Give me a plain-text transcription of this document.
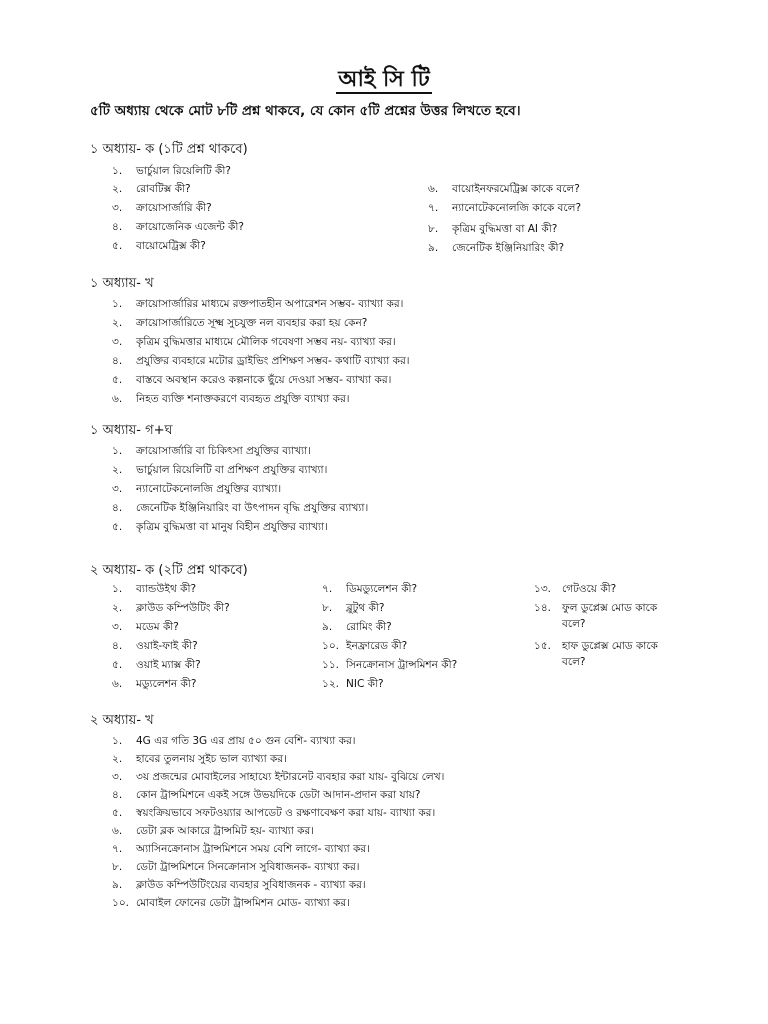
আই সি টি
৫টি অধ্যায় থেকে মোট ৮টি প্রশ্ন থাকবে, যে কোন ৫টি প্রশ্নের উত্তর লিখতে হবে।
১ অধ্যায়- ক (১টি প্রশ্ন থাকবে)
১.	ভার্চুয়াল রিয়েলিটি কী?
২.	রোবটিক্স কী?
৩.	ক্রায়োসার্জারি কী?
৪.	ক্রায়োজেনিক এজেন্ট কী?
৫.	বায়োমেট্রিক্স কী?
৬.	বায়োইনফরমেট্রিক্স কাকে বলে?
৭.	ন্যানোটেকনোলজি কাকে বলে?
৮.	কৃত্রিম বুদ্ধিমত্তা বা AI কী?
৯.	জেনেটিক ইঞ্জিনিয়ারিং কী?
১ অধ্যায়- খ
১.	ক্রায়োসার্জারির মাধ্যমে রক্তপাতহীন অপারেশন সম্ভব- ব্যাখ্যা কর।
২.	ক্রায়োসার্জারিতে সূক্ষ্ম সুচযুক্ত নল ব্যবহার করা হয় কেন?
৩.	কৃত্রিম বুদ্ধিমত্তার মাধ্যমে মৌলিক গবেষণা সম্ভব নয়- ব্যাখ্যা কর।
৪.	প্রযুক্তির ব্যবহারে মটোর ড্রাইভিং প্রশিক্ষণ সম্ভব- কথাটি ব্যাখ্যা কর।
৫.	বাস্তবে অবস্থান করেও কল্পনাকে ছুঁয়ে দেওয়া সম্ভব- ব্যাখ্যা কর।
৬.	নিহত ব্যক্তি শনাক্তকরণে ব্যবহৃত প্রযুক্তি ব্যাখ্যা কর।
১ অধ্যায়- গ+ঘ
১.	ক্রায়োসার্জারি বা চিকিৎসা প্রযুক্তির ব্যাখ্যা।
২.	ভার্চুয়াল রিয়েলিটি বা প্রশিক্ষণ প্রযুক্তির ব্যাখ্যা।
৩.	ন্যানোটেকনোলজি প্রযুক্তির ব্যাখ্যা।
৪.	জেনেটিক ইঞ্জিনিয়ারিং বা উৎপাদন বৃদ্ধি প্রযুক্তির ব্যাখ্যা।
৫.	কৃত্রিম বুদ্ধিমত্তা বা মানুষ বিহীন প্রযুক্তির ব্যাখ্যা।
২ অধ্যায়- ক (২টি প্রশ্ন থাকবে)
১.	ব্যান্ডউইথ কী?
২.	ক্লাউড কম্পিউটিং কী?
৩.	মডেম কী?
৪.	ওয়াই-ফাই কী?
৫.	ওয়াই ম্যাক্স কী?
৬.	মড্যুলেশন কী?
৭.	ডিমড্যুলেশন কী?
৮.	ব্লুটুথ কী?
৯.	রোমিং কী?
১০. ইনফ্রারেড কী?
১১. সিনক্রোনাস ট্রান্সমিশন কী?
১২. NIC কী?
১৩.	গেটওয়ে কী?
১৪.	ফুল ডুপ্লেক্স মোড কাকে বলে?
১৫.	হাফ ডুপ্লেক্স মোড কাকে বলে?
২ অধ্যায়- খ
১.	4G এর গতি 3G এর প্রায় ৫০ গুন বেশি- ব্যাখ্যা কর।
২.	হাবের তুলনায় সুইচ ভাল ব্যাখ্যা কর।
৩.	৩য় প্রজন্মের মোবাইলের সাহায্যে ইন্টারনেট ব্যবহার করা যায়- বুঝিয়ে লেখ।
৪.	কোন ট্রান্সমিশনে একই সঙ্গে উভয়দিকে ডেটা আদান-প্রদান করা যায়?
৫.	স্বয়ংক্রিয়ভাবে সফটওয়্যার আপডেট ও রক্ষণাবেক্ষণ করা যায়- ব্যাখ্যা কর।
৬.	ডেটা ব্লক আকারে ট্রান্সমিট হয়- ব্যাখ্যা কর।
৭.	অ্যাসিনক্রোনাস ট্রান্সমিশনে সময় বেশি লাগে- ব্যাখ্যা কর।
৮.	ডেটা ট্রান্সমিশনে সিনক্রোনাস সুবিধাজনক- ব্যাখ্যা কর।
৯.	ক্লাউড কম্পিউটিংয়ের ব্যবহার সুবিধাজনক - ব্যাখ্যা কর।
১০. মোবাইল ফোনের ডেটা ট্রান্সমিশন মোড- ব্যাখ্যা কর।
